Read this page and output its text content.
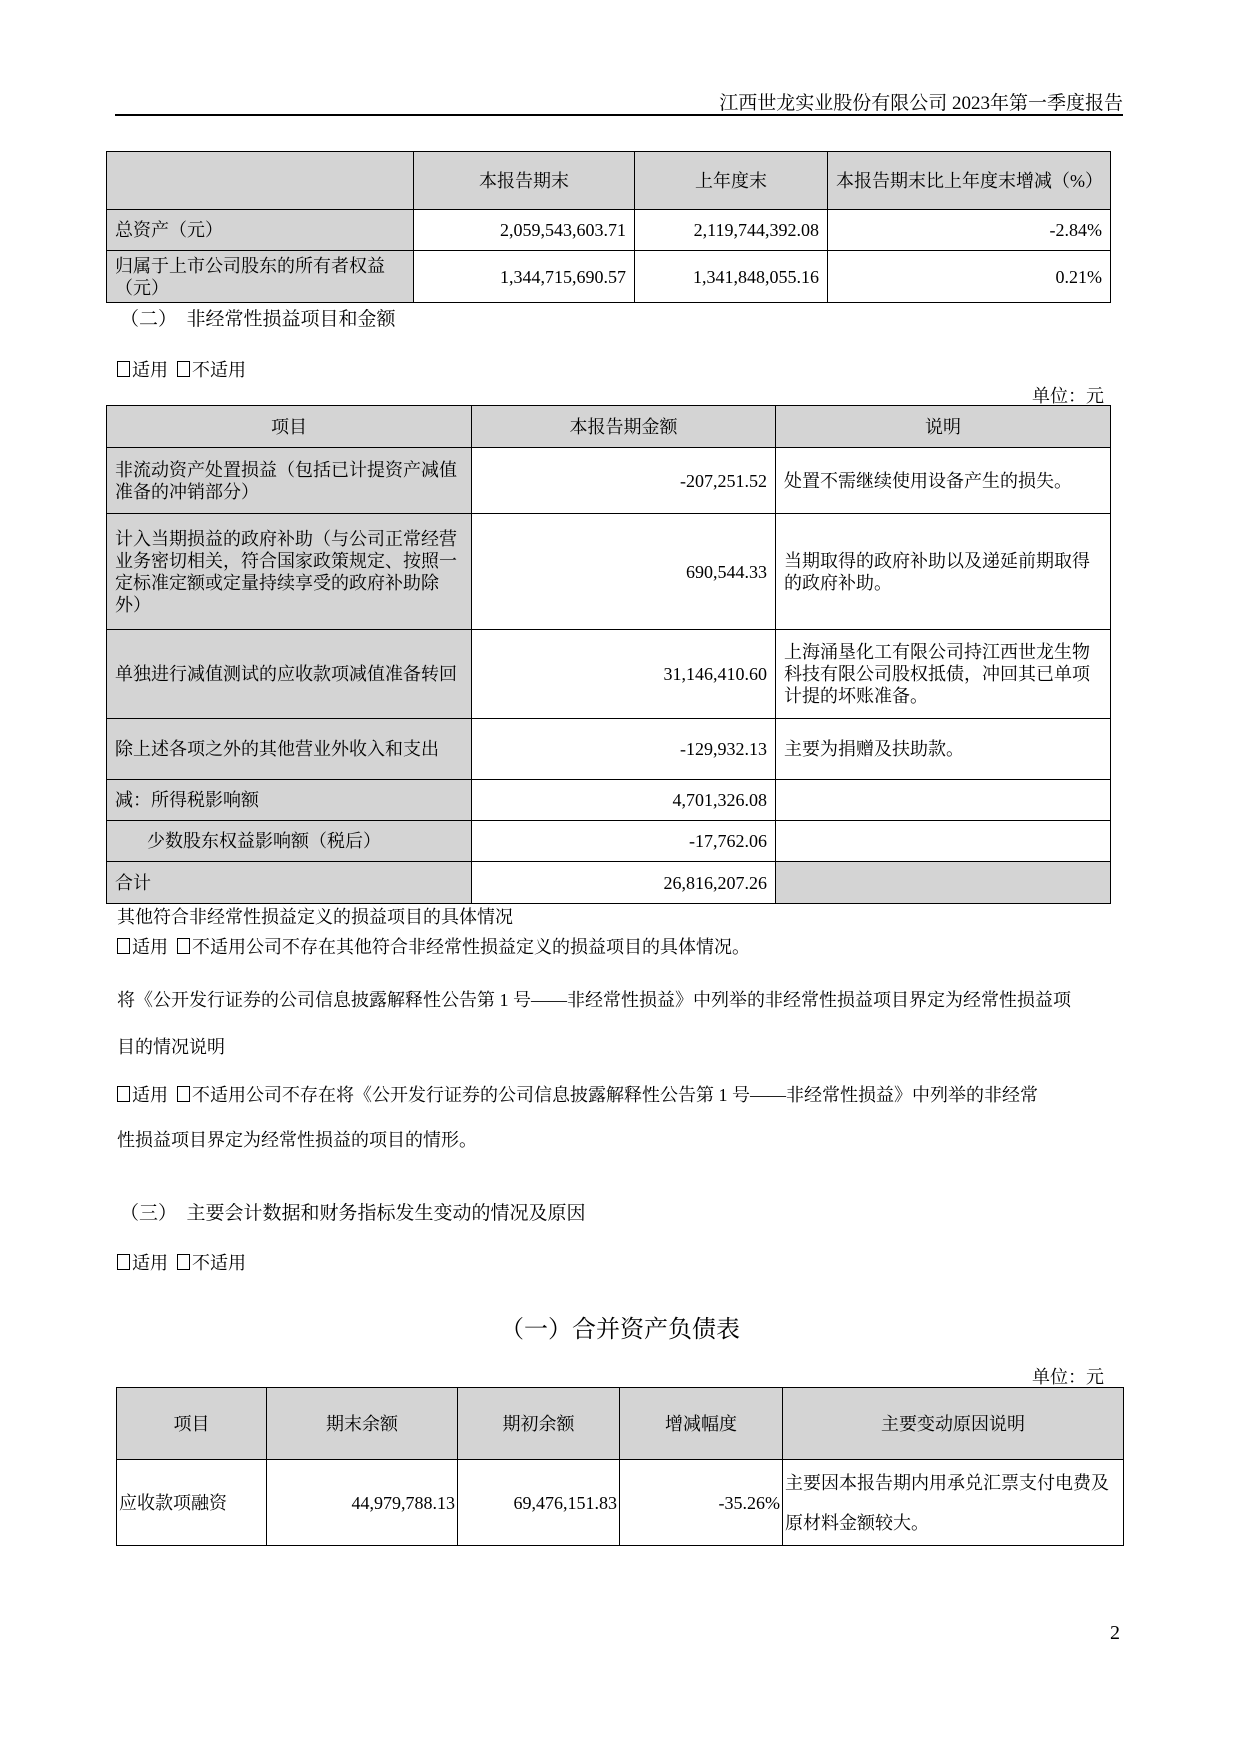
江西世龙实业股份有限公司 2023年第一季度报告
	本报告期末	上年度末	本报告期末比上年度末增减（%）
总资产（元）	2,059,543,603.71	2,119,744,392.08	-2.84%
归属于上市公司股东的所有者权益（元）	1,344,715,690.57	1,341,848,055.16	0.21%
（二）　非经常性损益项目和金额
适用 不适用
单位：元
项目	本报告期金额	说明
非流动资产处置损益（包括已计提资产减值准备的冲销部分）	-207,251.52	处置不需继续使用设备产生的损失。
计入当期损益的政府补助（与公司正常经营业务密切相关，符合国家政策规定、按照一定标准定额或定量持续享受的政府补助除外）	690,544.33	当期取得的政府补助以及递延前期取得的政府补助。
单独进行减值测试的应收款项减值准备转回	31,146,410.60	上海涌垦化工有限公司持江西世龙生物科技有限公司股权抵债，冲回其已单项计提的坏账准备。
除上述各项之外的其他营业外收入和支出	-129,932.13	主要为捐赠及扶助款。
减：所得税影响额	4,701,326.08	
少数股东权益影响额（税后）	-17,762.06	
合计	26,816,207.26	
其他符合非经常性损益定义的损益项目的具体情况
适用 不适用公司不存在其他符合非经常性损益定义的损益项目的具体情况。
将《公开发行证券的公司信息披露解释性公告第 1 号——非经常性损益》中列举的非经常性损益项目界定为经常性损益项
目的情况说明
适用 不适用公司不存在将《公开发行证券的公司信息披露解释性公告第 1 号——非经常性损益》中列举的非经常
性损益项目界定为经常性损益的项目的情形。
（三）　主要会计数据和财务指标发生变动的情况及原因
适用 不适用
（一）合并资产负债表
单位：元
项目	期末余额	期初余额	增减幅度	主要变动原因说明
应收款项融资	44,979,788.13	69,476,151.83	-35.26%	主要因本报告期内用承兑汇票支付电费及原材料金额较大。
2
